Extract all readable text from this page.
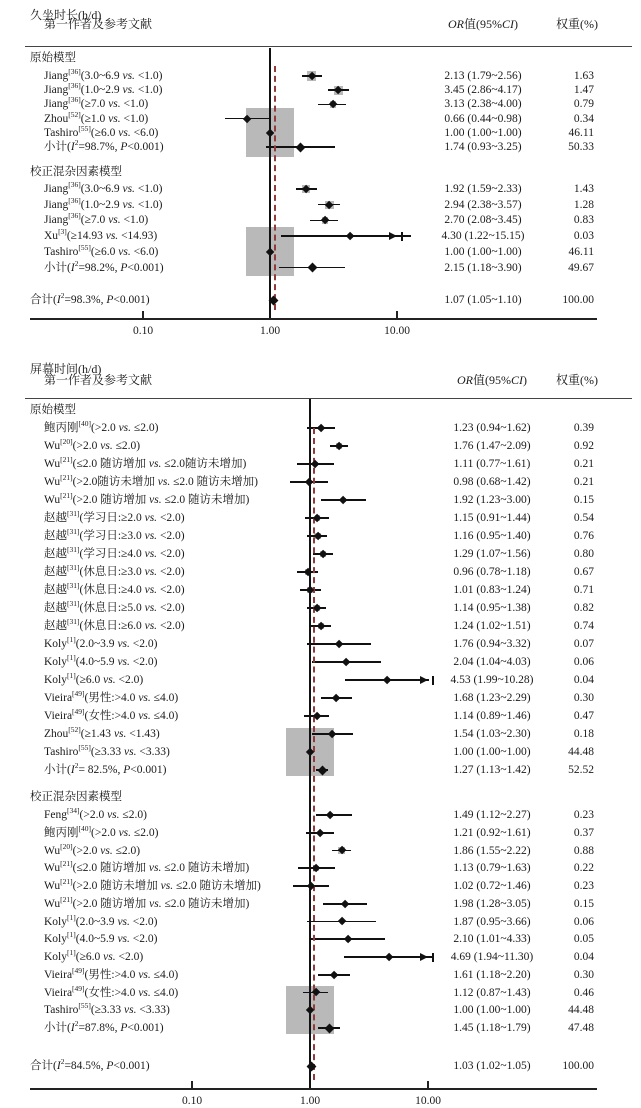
久坐时长(h/d)
第一作者及参考文献	OR值(95%CI)	权重(%)
0.10	1.00	10.00
原始模型
Jiang[36](3.0~6.9 vs. <1.0)	2.13 (1.79~2.56)	1.63
Jiang[36](1.0~2.9 vs. <1.0)	3.45 (2.86~4.17)	1.47
Jiang[36](≥7.0 vs. <1.0)	3.13 (2.38~4.00)	0.79
Zhou[52](≥1.0 vs. <1.0)	0.66 (0.44~0.98)	0.34
Tashiro[55](≥6.0 vs. <6.0)	1.00 (1.00~1.00)	46.11
小计($I^2=98.7\%$, P<0.001)	1.74 (0.93~3.25)	50.33
校正混杂因素模型
Jiang[36](3.0~6.9 vs. <1.0)	1.92 (1.59~2.33)	1.43
Jiang[36](1.0~2.9 vs. <1.0)	2.94 (2.38~3.57)	1.28
Jiang[36](≥7.0 vs. <1.0)	2.70 (2.08~3.45)	0.83
Xu[3](≥14.93 vs. <14.93)	4.30 (1.22~15.15)	0.03
Tashiro[55](≥6.0 vs. <6.0)	1.00 (1.00~1.00)	46.11
小计($I^2=98.2\%$, P<0.001)	2.15 (1.18~3.90)	49.67
合计($I^2=98.3\%$, P<0.001)	1.07 (1.05~1.10)	100.00
屏幕时间(h/d)
第一作者及参考文献	OR值(95%CI)	权重(%)
0.10	1.00	10.00
原始模型
鲍丙刚[40](>2.0 vs. ≤2.0)	1.23 (0.94~1.62)	0.39
Wu[20](>2.0 vs. ≤2.0)	1.76 (1.47~2.09)	0.92
Wu[21](≤2.0 随访增加 vs. ≤2.0随访未增加)	1.11 (0.77~1.61)	0.21
Wu[21](>2.0随访未增加 vs. ≤2.0 随访未增加)	0.98 (0.68~1.42)	0.21
Wu[21](>2.0 随访增加 vs. ≤2.0 随访未增加)	1.92 (1.23~3.00)	0.15
赵越[31](学习日:≥2.0 vs. <2.0)	1.15 (0.91~1.44)	0.54
赵越[31](学习日:≥3.0 vs. <2.0)	1.16 (0.95~1.40)	0.76
赵越[31](学习日:≥4.0 vs. <2.0)	1.29 (1.07~1.56)	0.80
赵越[31](休息日:≥3.0 vs. <2.0)	0.96 (0.78~1.18)	0.67
赵越[31](休息日:≥4.0 vs. <2.0)	1.01 (0.83~1.24)	0.71
赵越[31](休息日:≥5.0 vs. <2.0)	1.14 (0.95~1.38)	0.82
赵越[31](休息日:≥6.0 vs. <2.0)	1.24 (1.02~1.51)	0.74
Koly[1](2.0~3.9 vs. <2.0)	1.76 (0.94~3.32)	0.07
Koly[1](4.0~5.9 vs. <2.0)	2.04 (1.04~4.03)	0.06
Koly[1](≥6.0 vs. <2.0)	4.53 (1.99~10.28)	0.04
Vieira[49](男性:>4.0 vs. ≤4.0)	1.68 (1.23~2.29)	0.30
Vieira[49](女性:>4.0 vs. ≤4.0)	1.14 (0.89~1.46)	0.47
Zhou[52](≥1.43 vs. <1.43)	1.54 (1.03~2.30)	0.18
Tashiro[55](≥3.33 vs. <3.33)	1.00 (1.00~1.00)	44.48
小计($I^2= 82.5\%$, P<0.001)	1.27 (1.13~1.42)	52.52
校正混杂因素模型
Feng[34](>2.0 vs. ≤2.0)	1.49 (1.12~2.27)	0.23
鲍丙刚[40](>2.0 vs. ≤2.0)	1.21 (0.92~1.61)	0.37
Wu[20](>2.0 vs. ≤2.0)	1.86 (1.55~2.22)	0.88
Wu[21](≤2.0 随访增加 vs. ≤2.0 随访未增加)	1.13 (0.79~1.63)	0.22
Wu[21](>2.0 随访未增加 vs. ≤2.0 随访未增加)	1.02 (0.72~1.46)	0.23
Wu[21](>2.0 随访增加 vs. ≤2.0 随访未增加)	1.98 (1.28~3.05)	0.15
Koly[1](2.0~3.9 vs. <2.0)	1.87 (0.95~3.66)	0.06
Koly[1](4.0~5.9 vs. <2.0)	2.10 (1.01~4.33)	0.05
Koly[1](≥6.0 vs. <2.0)	4.69 (1.94~11.30)	0.04
Vieira[49](男性:>4.0 vs. ≤4.0)	1.61 (1.18~2.20)	0.30
Vieira[49](女性:>4.0 vs. ≤4.0)	1.12 (0.87~1.43)	0.46
Tashiro[55](≥3.33 vs. <3.33)	1.00 (1.00~1.00)	44.48
小计($I^2=87.8\%$, P<0.001)	1.45 (1.18~1.79)	47.48
合计($I^2=84.5\%$, P<0.001)	1.03 (1.02~1.05)	100.00
